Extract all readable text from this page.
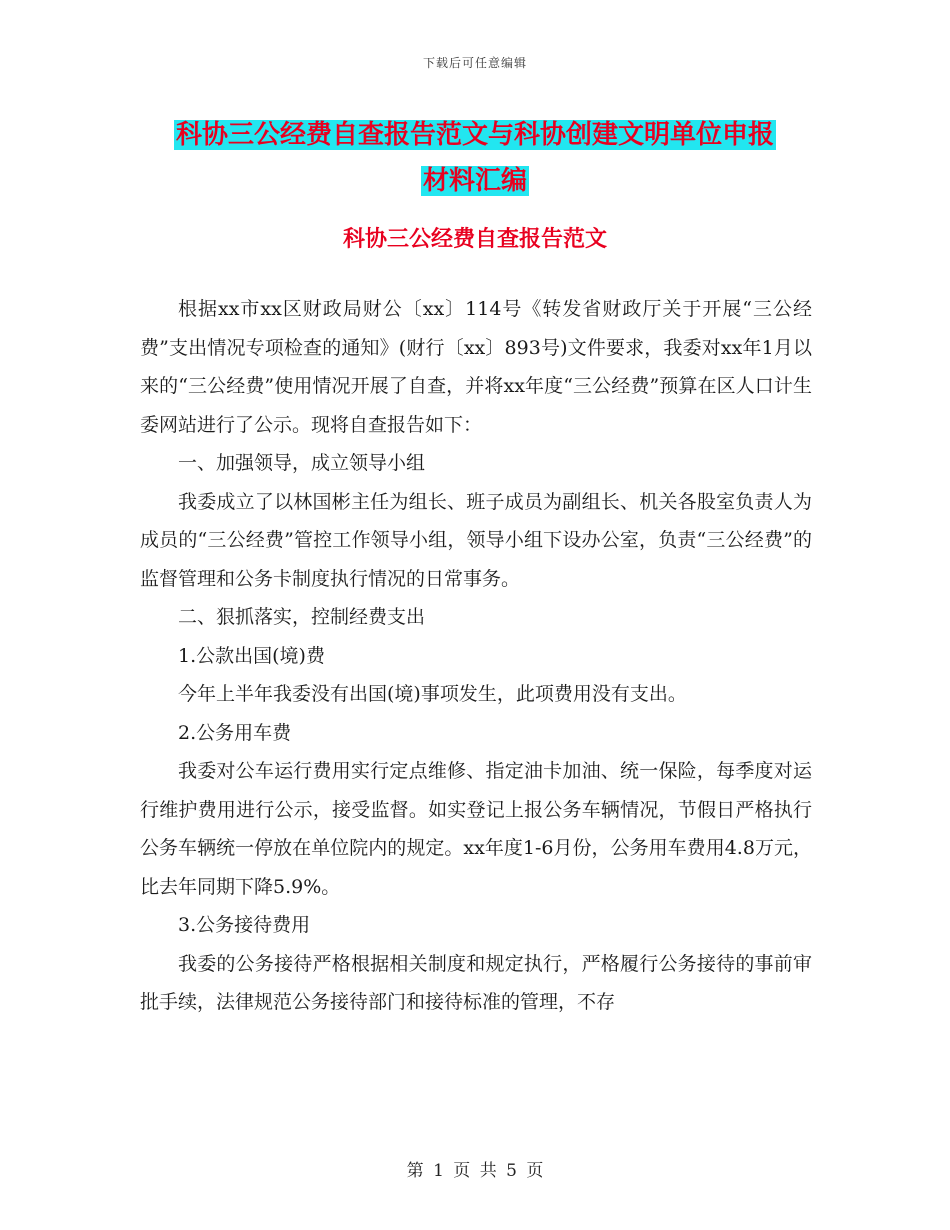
下载后可任意编辑
科协三公经费自查报告范文与科协创建文明单位申报
材料汇编
科协三公经费自查报告范文

根据xx市xx区财政局财公〔xx〕114号《转发省财政厅关于开展“三公经费”支出情况专项检查的通知》(财行〔xx〕893号)文件要求，我委对xx年1月以来的“三公经费”使用情况开展了自查，并将xx年度“三公经费”预算在区人口计生委网站进行了公示。现将自查报告如下：

一、加强领导，成立领导小组

我委成立了以林国彬主任为组长、班子成员为副组长、机关各股室负责人为成员的“三公经费”管控工作领导小组，领导小组下设办公室，负责“三公经费”的监督管理和公务卡制度执行情况的日常事务。

二、狠抓落实，控制经费支出

1.公款出国(境)费

今年上半年我委没有出国(境)事项发生，此项费用没有支出。

2.公务用车费

我委对公车运行费用实行定点维修、指定油卡加油、统一保险，每季度对运行维护费用进行公示，接受监督。如实登记上报公务车辆情况，节假日严格执行公务车辆统一停放在单位院内的规定。xx年度1-6月份，公务用车费用4.8万元，比去年同期下降5.9%。

3.公务接待费用

我委的公务接待严格根据相关制度和规定执行，严格履行公务接待的事前审批手续，法律规范公务接待部门和接待标准的管理，不存

第 1 页 共 5 页
